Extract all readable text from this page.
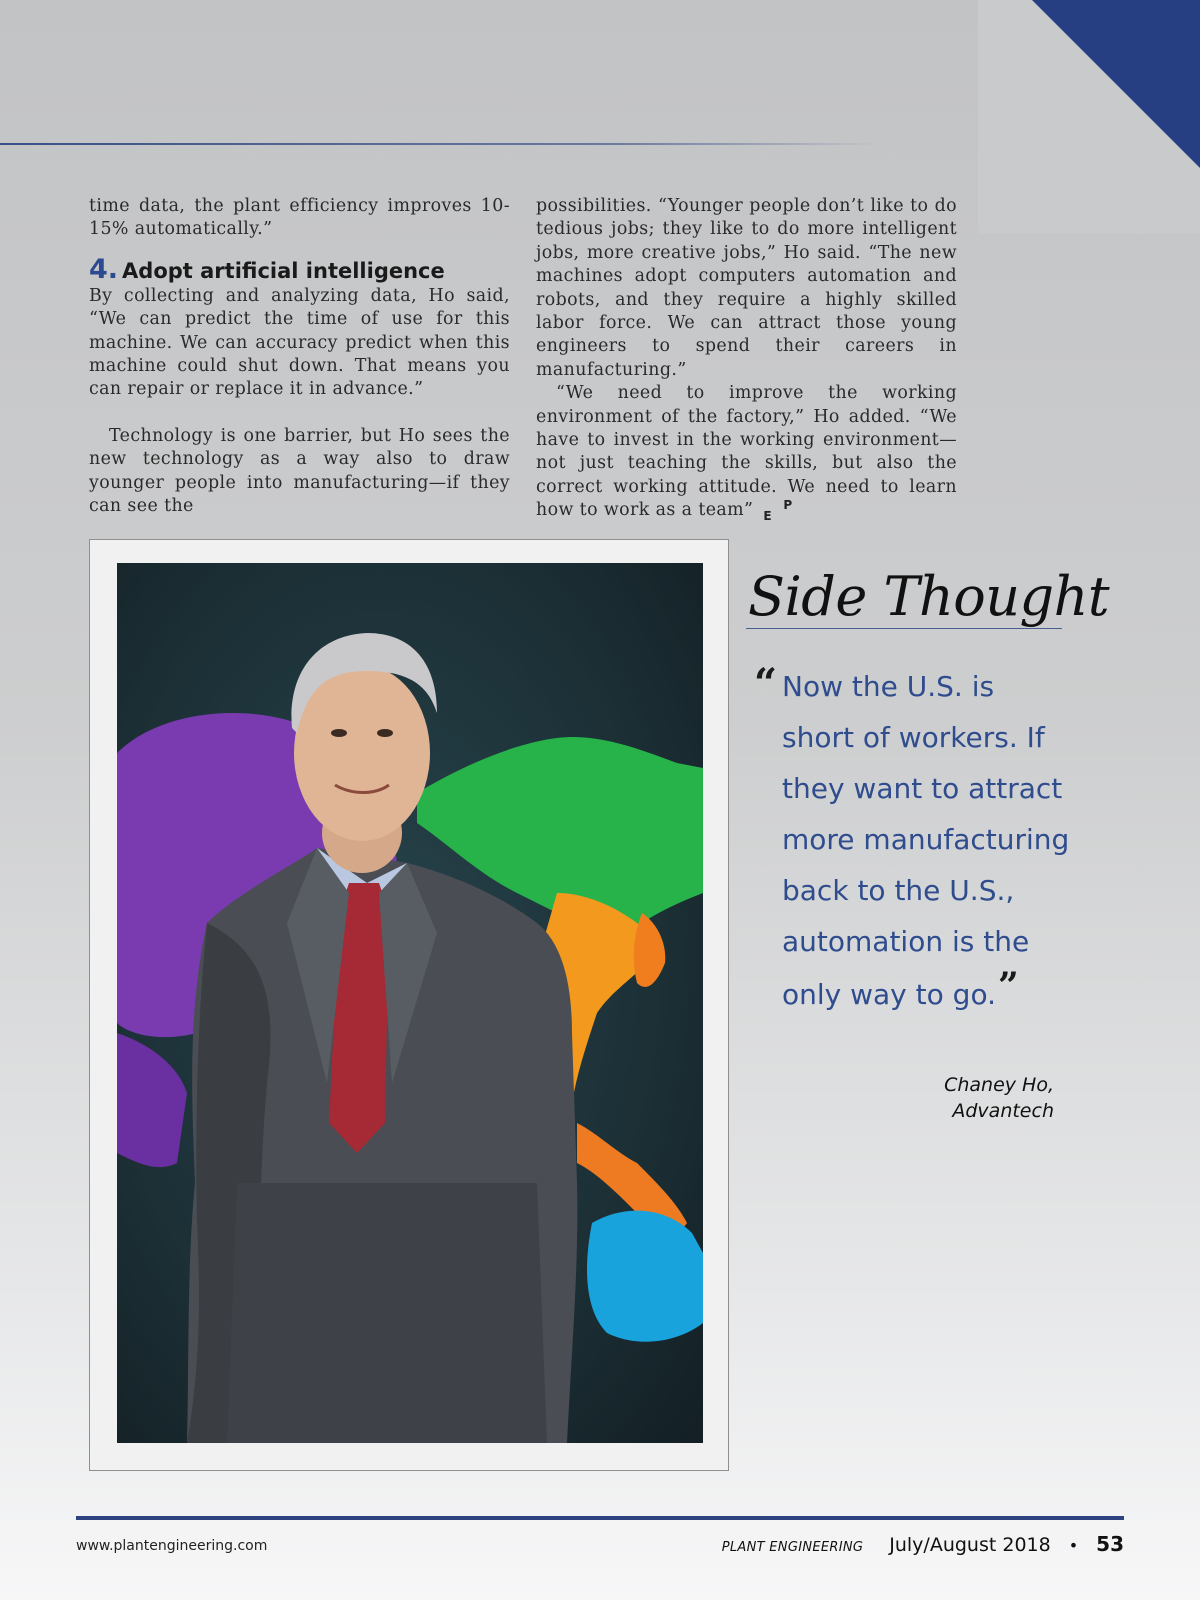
time data, the plant efficiency improves 10-15% automatically.”

4. Adopt artificial intelligence

By collecting and analyzing data, Ho said, “We can predict the time of use for this machine. We can accuracy predict when this machine could shut down. That means you can repair or replace it in advance.”

Technology is one barrier, but Ho sees the new technology as a way also to draw younger people into manufacturing—if they can see the

possibilities. “Younger people don’t like to do tedious jobs; they like to do more intelligent jobs, more creative jobs,” Ho said. “The new machines adopt computers automation and robots, and they require a highly skilled labor force. We can attract those young engineers to spend their careers in manufacturing.”

“We need to improve the working environment of the factory,” Ho added. “We have to invest in the working environment—not just teaching the skills, but also the correct working attitude. We need to learn how to work as a team”	P
E

Side Thought
“ Now the U.S. is short of workers. If they want to attract more manufacturing back to the U.S., automation is the only way to go.”

Chaney Ho,
Advantech
www.plantengineering.com	PLANT ENGINEERING July/August 2018 • 53
